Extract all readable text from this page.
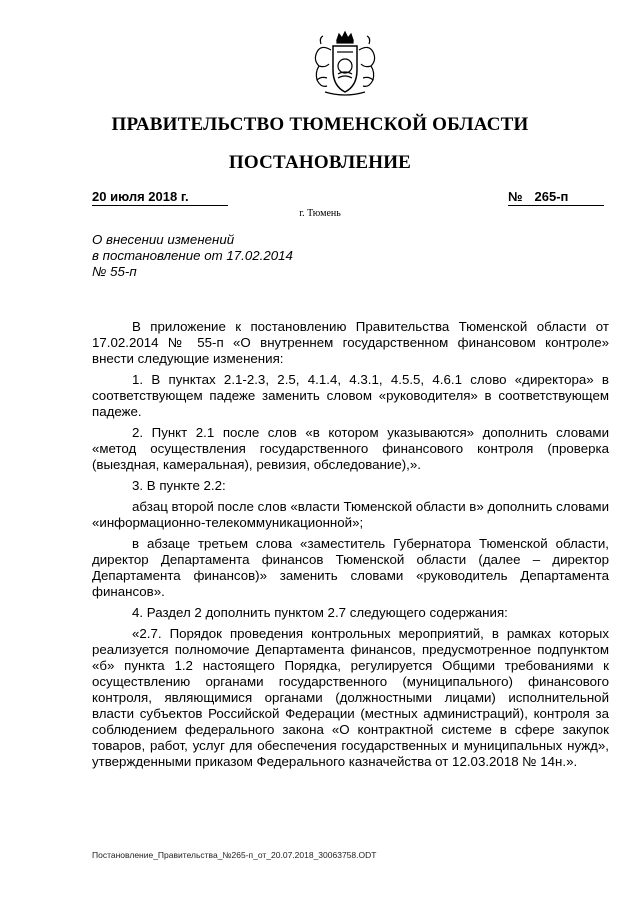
ПРАВИТЕЛЬСТВО ТЮМЕНСКОЙ ОБЛАСТИ
ПОСТАНОВЛЕНИЕ
20 июля 2018 г.	№ 265-п
г. Тюмень
О внесении изменений
в постановление от 17.02.2014
№ 55-п

В приложение к постановлению Правительства Тюменской области от 17.02.2014 № 55-п «О внутреннем государственном финансовом контроле» внести следующие изменения:

1. В пунктах 2.1-2.3, 2.5, 4.1.4, 4.3.1, 4.5.5, 4.6.1 слово «директора» в соответствующем падеже заменить словом «руководителя» в соответствующем падеже.

2. Пункт 2.1 после слов «в котором указываются» дополнить словами «метод осуществления государственного финансового контроля (проверка (выездная, камеральная), ревизия, обследование),».

3. В пункте 2.2:

абзац второй после слов «власти Тюменской области в» дополнить словами «информационно-телекоммуникационной»;

в абзаце третьем слова «заместитель Губернатора Тюменской области, директор Департамента финансов Тюменской области (далее – директор Департамента финансов)» заменить словами «руководитель Департамента финансов».

4. Раздел 2 дополнить пунктом 2.7 следующего содержания:

«2.7. Порядок проведения контрольных мероприятий, в рамках которых реализуется полномочие Департамента финансов, предусмотренное подпунктом «б» пункта 1.2 настоящего Порядка, регулируется Общими требованиями к осуществлению органами государственного (муниципального) финансового контроля, являющимися органами (должностными лицами) исполнительной власти субъектов Российской Федерации (местных администраций), контроля за соблюдением федерального закона «О контрактной системе в сфере закупок товаров, работ, услуг для обеспечения государственных и муниципальных нужд», утвержденными приказом Федерального казначейства от 12.03.2018 № 14н.».

Постановление_Правительства_№265-п_от_20.07.2018_30063758.ODT
